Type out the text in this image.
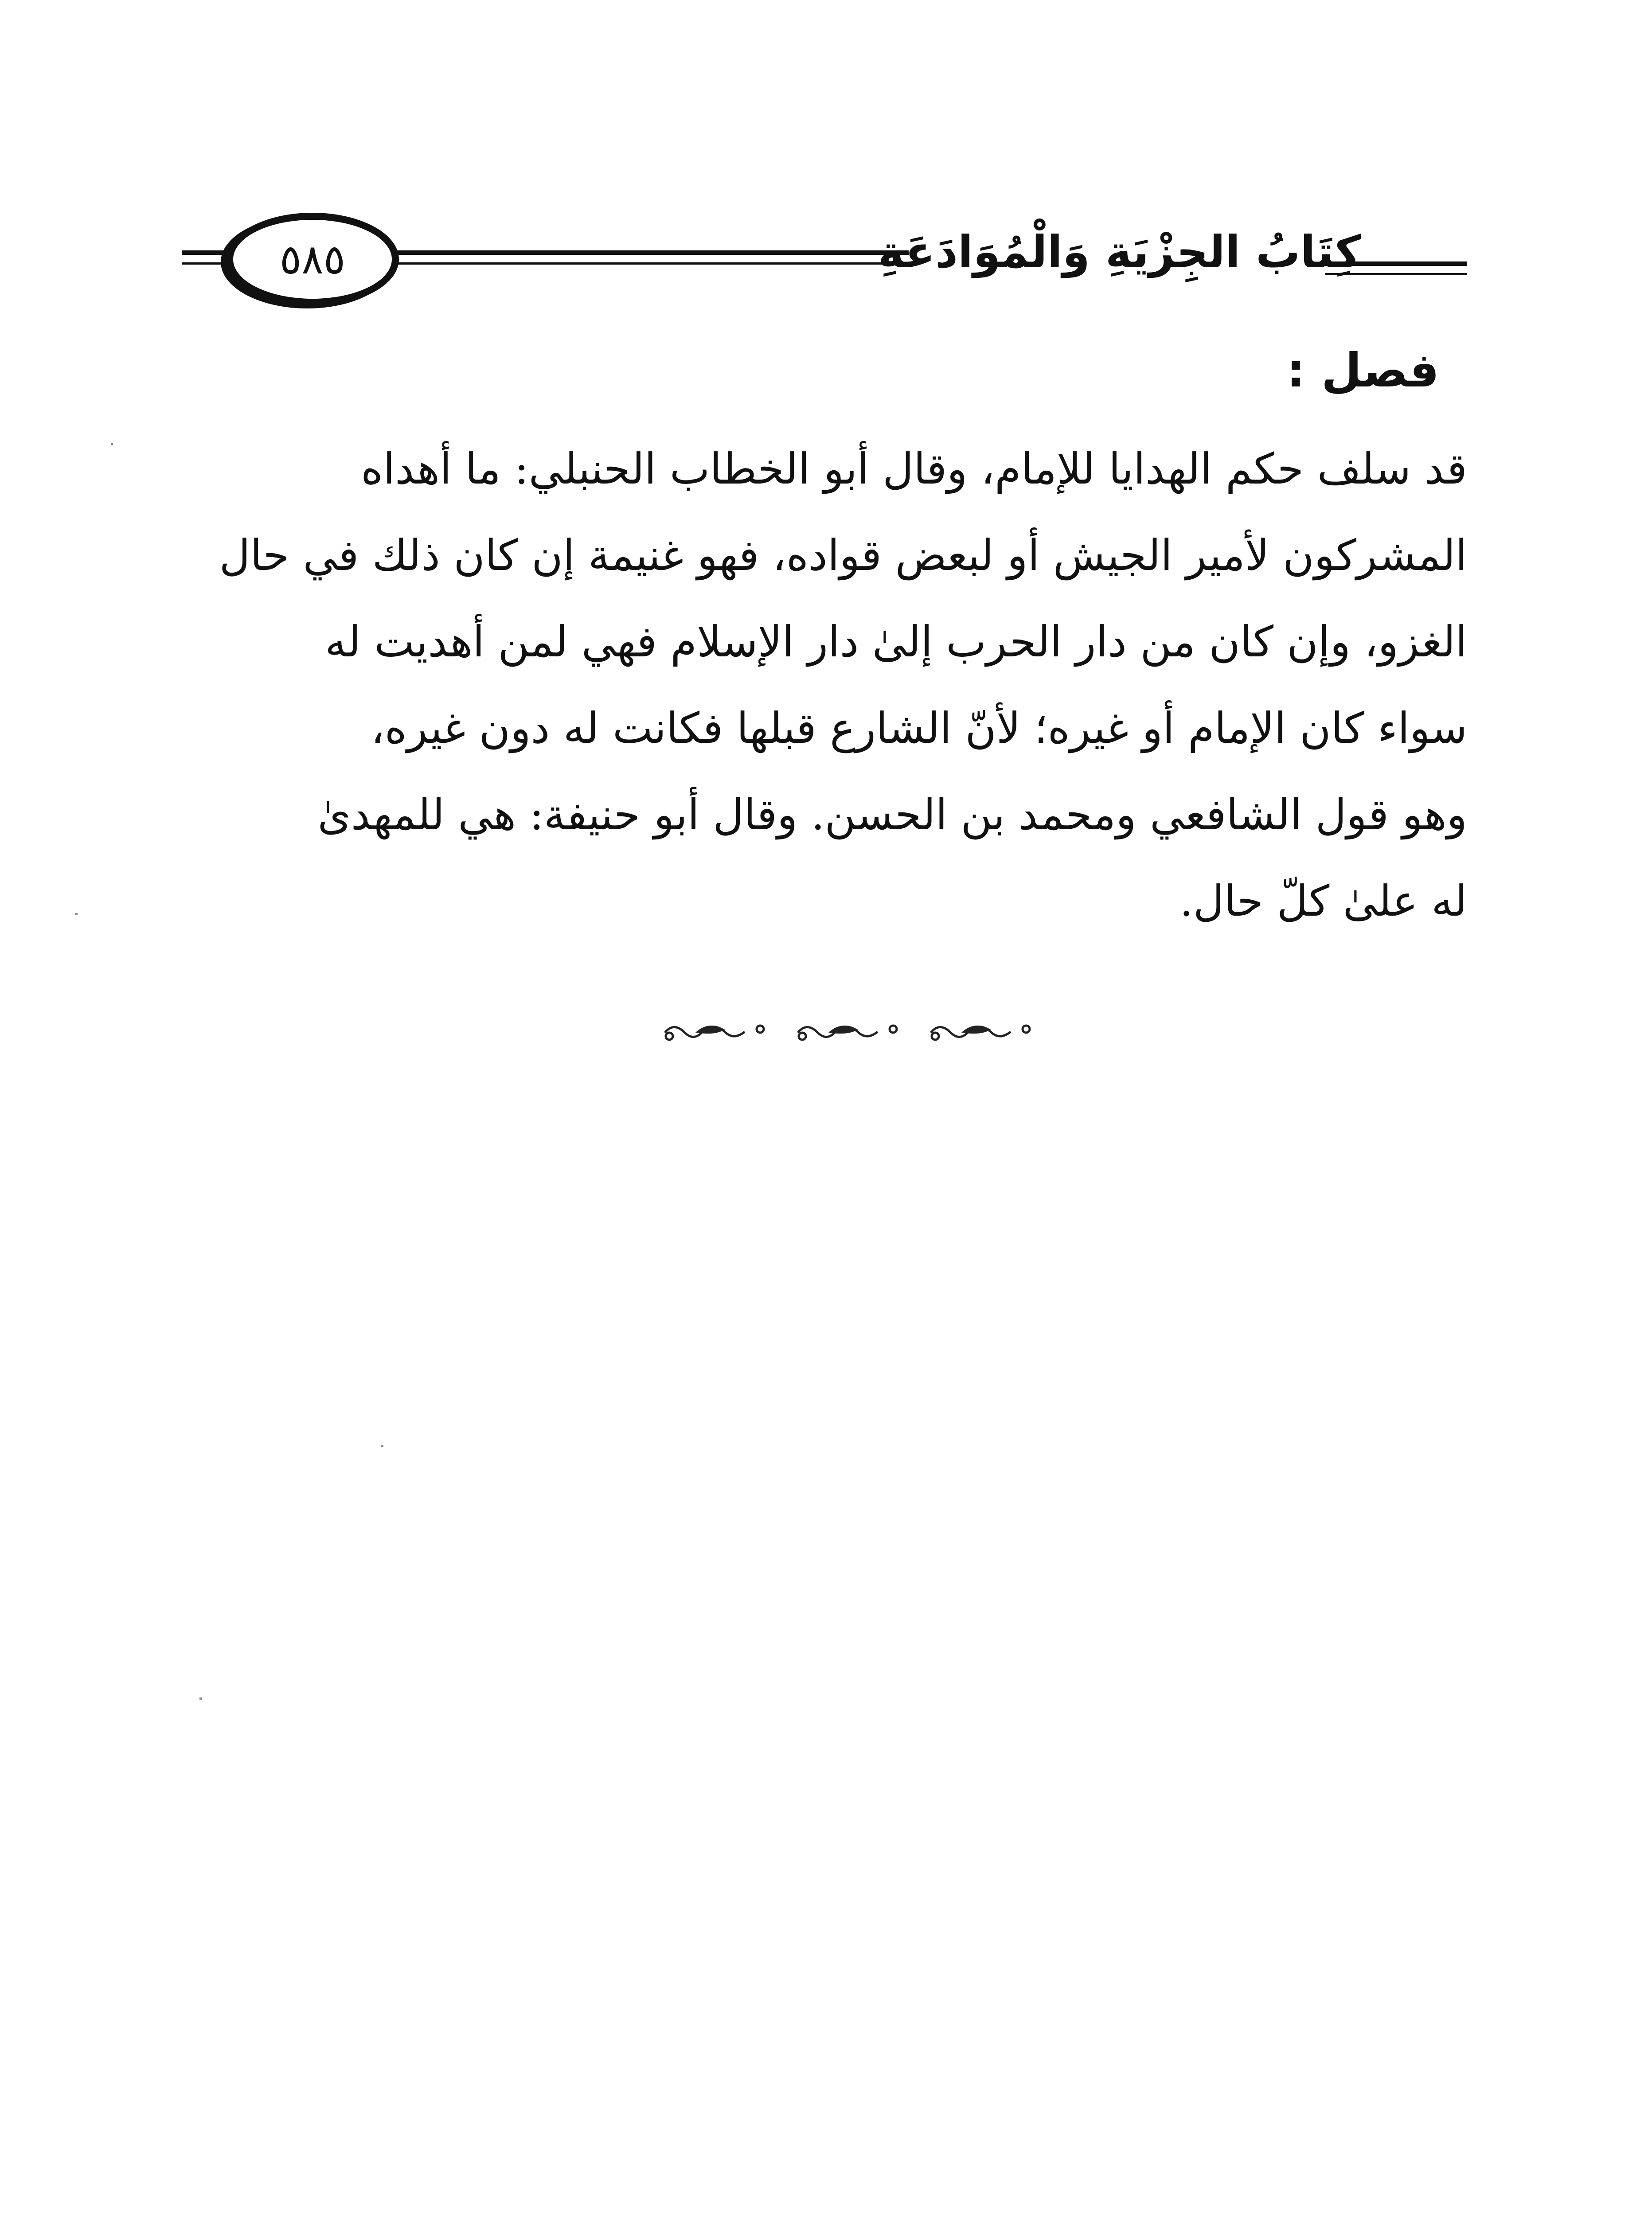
كِتَابُ الجِزْيَةِ وَالْمُوَادَعَةِ
٥٨٥
فصل :
قد سلف حكم الهدايا للإمام، وقال أبو الخطاب الحنبلي: ما أهداه
المشركون لأمير الجيش أو لبعض قواده، فهو غنيمة إن كان ذلك في حال
الغزو، وإن كان من دار الحرب إلىٰ دار الإسلام فهي لمن أهديت له
سواء كان الإمام أو غيره؛ لأنّ الشارع قبلها فكانت له دون غيره،
وهو قول الشافعي ومحمد بن الحسن. وقال أبو حنيفة: هي للمهدىٰ
له علىٰ كلّ حال.
